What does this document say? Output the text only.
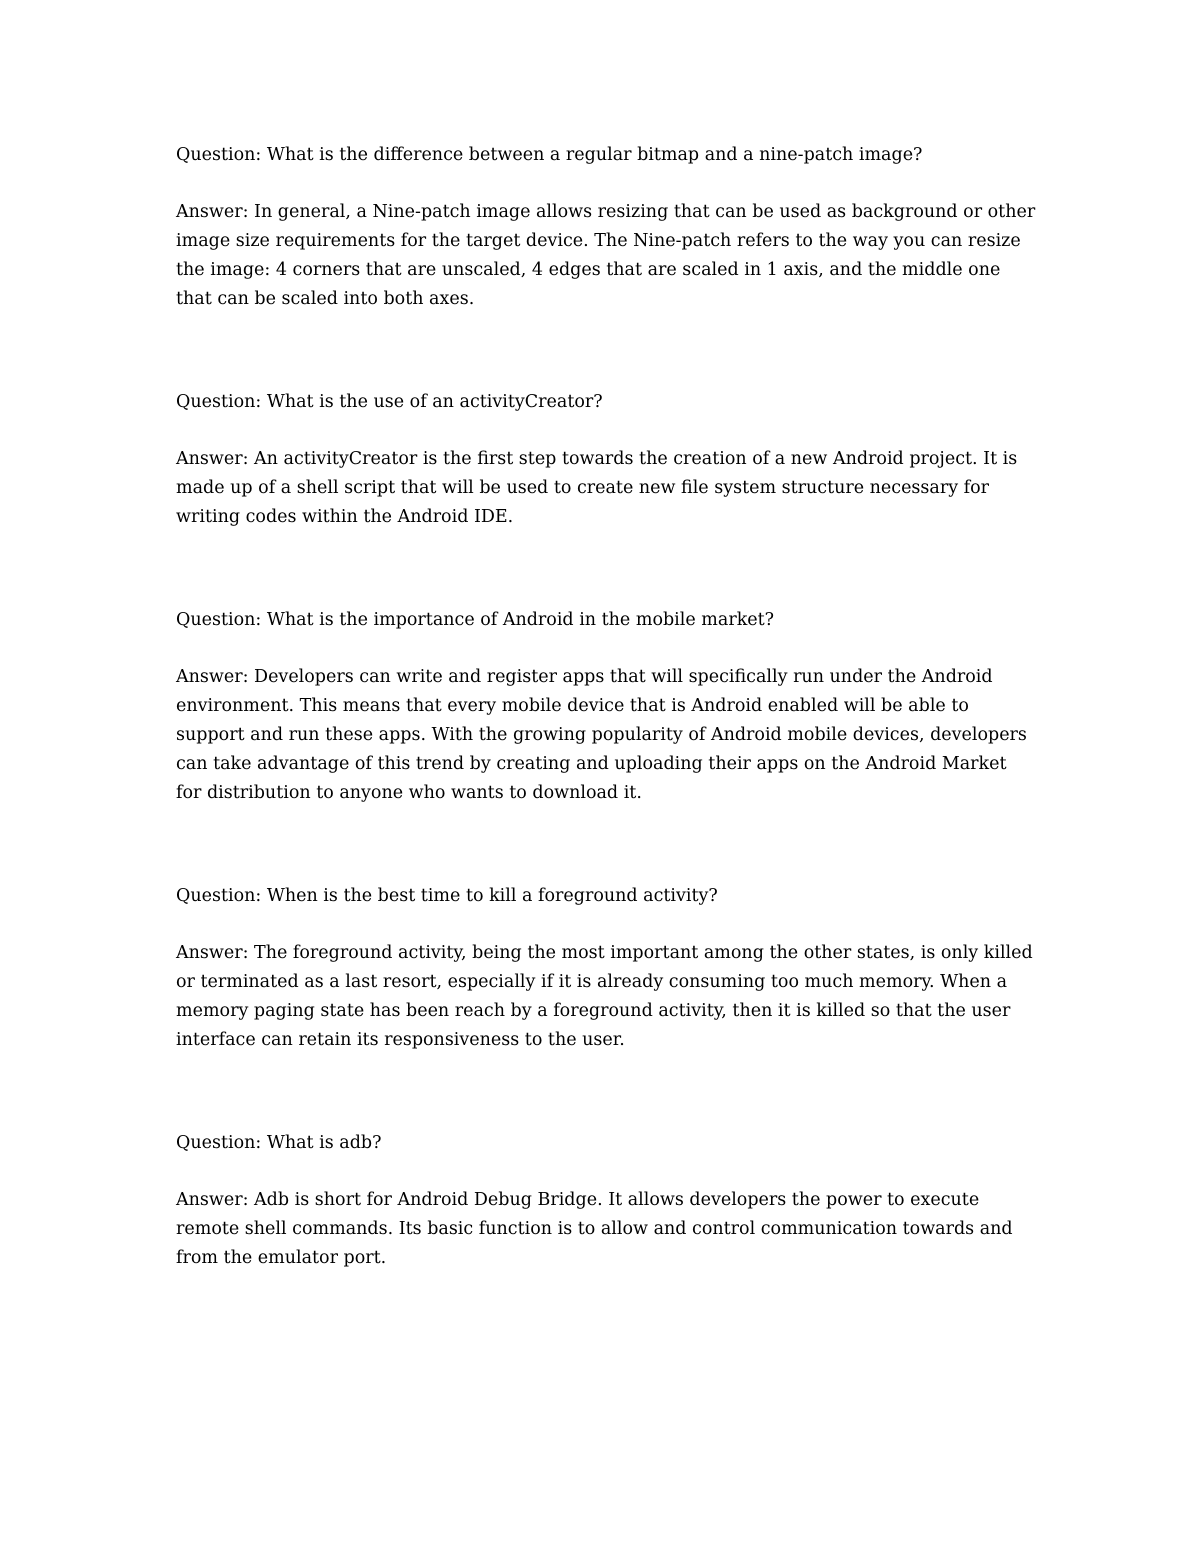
Question: What is the difference between a regular bitmap and a nine-patch image?

Answer: In general, a Nine-patch image allows resizing that can be used as background or other image size requirements for the target device. The Nine-patch refers to the way you can resize the image: 4 corners that are unscaled, 4 edges that are scaled in 1 axis, and the middle one that can be scaled into both axes.

Question: What is the use of an activityCreator?

Answer: An activityCreator is the first step towards the creation of a new Android project. It is made up of a shell script that will be used to create new file system structure necessary for writing codes within the Android IDE.

Question: What is the importance of Android in the mobile market?

Answer: Developers can write and register apps that will specifically run under the Android environment. This means that every mobile device that is Android enabled will be able to support and run these apps. With the growing popularity of Android mobile devices, developers can take advantage of this trend by creating and uploading their apps on the Android Market for distribution to anyone who wants to download it.

Question: When is the best time to kill a foreground activity?

Answer: The foreground activity, being the most important among the other states, is only killed or terminated as a last resort, especially if it is already consuming too much memory. When a memory paging state has been reach by a foreground activity, then it is killed so that the user interface can retain its responsiveness to the user.

Question: What is adb?

Answer: Adb is short for Android Debug Bridge. It allows developers the power to execute remote shell commands. Its basic function is to allow and control communication towards and from the emulator port.
